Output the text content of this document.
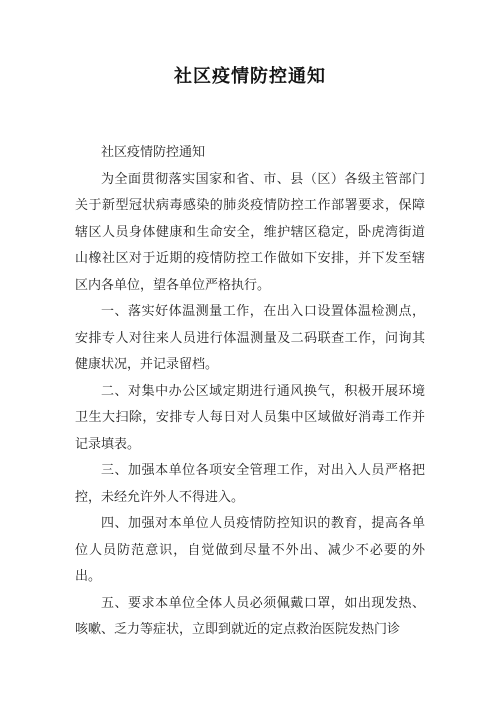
社区疫情防控通知

社区疫情防控通知

为全面贯彻落实国家和省、市、县（区）各级主管部门关于新型冠状病毒感染的肺炎疫情防控工作部署要求，保障辖区人员身体健康和生命安全，维护辖区稳定，卧虎湾街道山橡社区对于近期的疫情防控工作做如下安排，并下发至辖区内各单位，望各单位严格执行。

一、落实好体温测量工作，在出入口设置体温检测点，安排专人对往来人员进行体温测量及二码联查工作，问询其健康状况，并记录留档。

二、对集中办公区域定期进行通风换气，积极开展环境卫生大扫除，安排专人每日对人员集中区域做好消毒工作并记录填表。

三、加强本单位各项安全管理工作，对出入人员严格把控，未经允许外人不得进入。

四、加强对本单位人员疫情防控知识的教育，提高各单位人员防范意识，自觉做到尽量不外出、减少不必要的外出。

五、要求本单位全体人员必须佩戴口罩，如出现发热、咳嗽、乏力等症状，立即到就近的定点救治医院发热门诊
